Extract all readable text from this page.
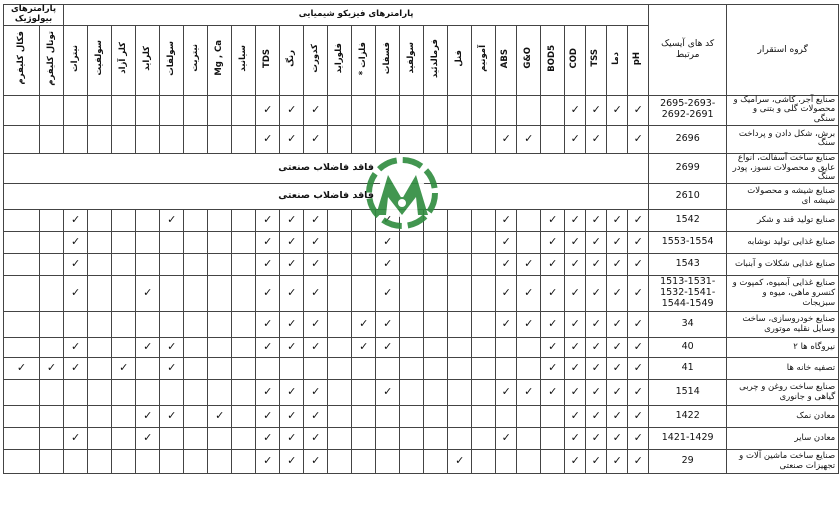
گروه استقرار	کد های آیسیک مرتبط	پارامترهای فیزیکو شیمیایی																									پارامترهای بیولوژیک	
		pH	دما	TSS	COD	BOD5	G&O	ABS	آمونیم	فنل	فرمالدئید	سولفید	فسفات	فلزات *	فلوراید	کدورت	رنگ	TDS	سیانید	Mg , Ca	نیتریت	سولفات	کلراید	کلر آزاد	سولفیت	نیترات	توتال کلیفرم	فکال کلیفرم
صنایع آجر، کاشی، سرامیک و محصولات گلی و بتنی و سنگی	2695-2693-2692-2691	✓	✓	✓	✓											✓	✓	✓										
برش، شکل دادن و پرداخت سنگ	2696	✓		✓	✓		✓	✓								✓	✓	✓										
صنایع ساخت آسفالت، انواع عایق و محصولات نسوز، پودر سنگ	2699	فاقد فاضلاب صنعتی																										
صنایع شیشه و محصولات شیشه ای	2610	فاقد فاضلاب صنعتی																										
صنایع تولید قند و شکر	1542	✓	✓	✓	✓	✓		✓					✓			✓	✓	✓				✓				✓		
صنایع غذایی تولید نوشابه	1553-1554	✓	✓	✓	✓	✓		✓					✓			✓	✓	✓								✓		
صنایع غذایی شکلات و آبنبات	1543	✓	✓	✓	✓	✓	✓	✓					✓			✓	✓	✓								✓		
صنایع غذایی آبمیوه، کمپوت و کنسرو ماهی، میوه و سبزیجات	1513-1531-1532-1541-1544-1549	✓	✓	✓	✓	✓	✓	✓					✓			✓	✓	✓					✓			✓		
صنایع خودروسازی، ساخت وسایل نقلیه موتوری	34	✓	✓	✓	✓	✓	✓	✓					✓	✓		✓	✓	✓										
نیروگاه ها ۲	40	✓	✓	✓	✓	✓							✓	✓		✓	✓	✓				✓	✓			✓		
تصفیه خانه ها	41	✓	✓	✓	✓	✓																✓		✓		✓	✓	✓
صنایع ساخت روغن و چربی گیاهی و جانوری	1514	✓	✓	✓	✓	✓	✓	✓					✓			✓	✓	✓										
معادن نمک	1422	✓	✓	✓	✓											✓	✓	✓		✓		✓	✓					
معادن سایر	1421-1429	✓	✓	✓	✓			✓								✓	✓	✓					✓			✓		
صنایع ساخت ماشین آلات و تجهیزات صنعتی	29	✓	✓	✓	✓					✓						✓	✓	✓										
